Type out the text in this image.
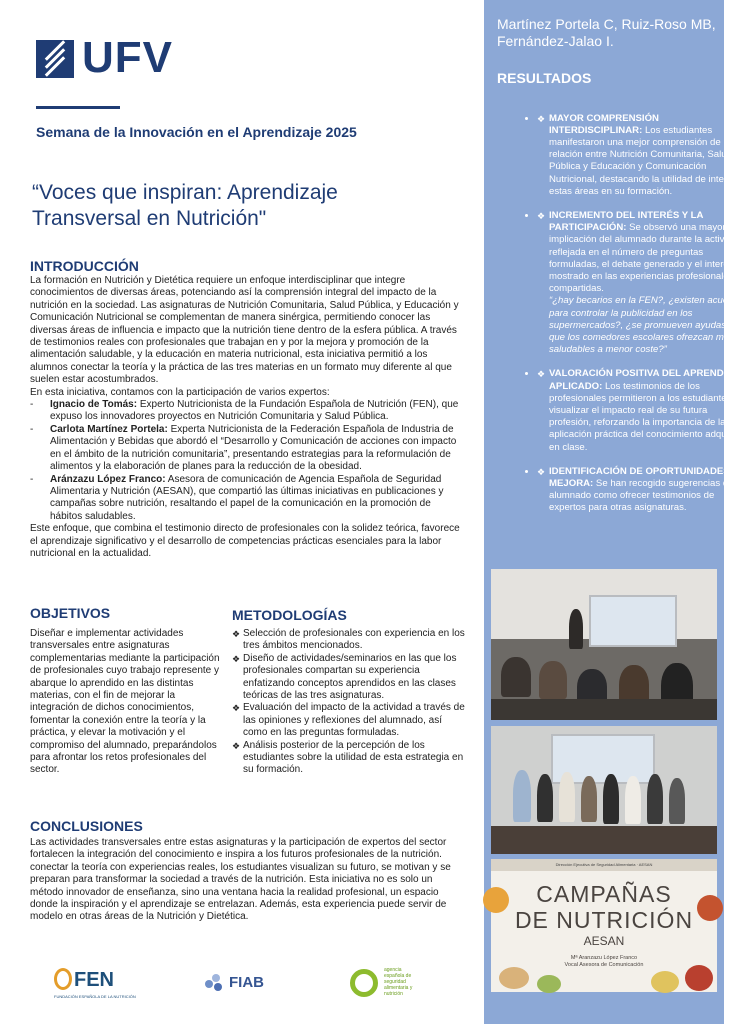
UFV
Semana de la Innovación en el Aprendizaje 2025
“Voces que inspiran: Aprendizaje Transversal en Nutrición"
INTRODUCCIÓN

La formación en Nutrición y Dietética requiere un enfoque interdisciplinar que integre conocimientos de diversas áreas, potenciando así la comprensión integral del impacto de la nutrición en la sociedad. Las asignaturas de Nutrición Comunitaria, Salud Pública, y Educación y Comunicación Nutricional se complementan de manera sinérgica, permitiendo conocer las diversas áreas de influencia e impacto que la nutrición tiene dentro de la esfera pública. A través de testimonios reales con profesionales que trabajan en y por la mejora y promoción de la alimentación saludable, y la educación en materia nutricional, esta iniciativa permitió a los alumnos conectar la teoría y la práctica de las tres materias en un formato muy diferente al que suelen estar acostumbrados.

En esta iniciativa, contamos con la participación de varios expertos:

- Ignacio de Tomás: Experto Nutricionista de la Fundación Española de Nutrición (FEN), que expuso los innovadores proyectos en Nutrición Comunitaria y Salud Pública.
- Carlota Martínez Portela: Experta Nutricionista de la Federación Española de Industria de Alimentación y Bebidas que abordó el “Desarrollo y Comunicación de acciones con impacto en el ámbito de la nutrición comunitaria”, presentando estrategias para la reformulación de alimentos y la elaboración de planes para la reducción de la obesidad.
- Aránzazu López Franco: Asesora de comunicación de Agencia Española de Seguridad Alimentaria y Nutrición (AESAN), que compartió las últimas iniciativas en publicaciones y campañas sobre nutrición, resaltando el papel de la comunicación en la promoción de hábitos saludables.

Este enfoque, que combina el testimonio directo de profesionales con la solidez teórica, favorece el aprendizaje significativo y el desarrollo de competencias prácticas esenciales para la labor nutricional en la actualidad.

OBJETIVOS
Diseñar e implementar actividades transversales entre asignaturas complementarias mediante la participación de profesionales cuyo trabajo represente y abarque lo aprendido en las distintas materias, con el fin de mejorar la integración de dichos conocimientos, fomentar la conexión entre la teoría y la práctica, y elevar la motivación y el compromiso del alumnado, preparándolos para afrontar los retos profesionales del sector.
METODOLOGÍAS
❖ Selección de profesionales con experiencia en los tres ámbitos mencionados.
❖ Diseño de actividades/seminarios en las que los profesionales compartan su experiencia enfatizando conceptos aprendidos en las clases teóricas de las tres asignaturas.
❖ Evaluación del impacto de la actividad a través de las opiniones y reflexiones del alumnado, así como en las preguntas formuladas.
❖ Análisis posterior de la percepción de los estudiantes sobre la utilidad de esta estrategia en su formación.
CONCLUSIONES
Las actividades transversales entre estas asignaturas y la participación de expertos del sector fortalecen la integración del conocimiento e inspira a los futuros profesionales de la nutrición. conectar la teoría con experiencias reales, los estudiantes visualizan su futuro, se motivan y se preparan para transformar la sociedad a través de la nutrición. Esta iniciativa no es solo un método innovador de enseñanza, sino una ventana hacia la realidad profesional, un espacio donde la inspiración y el aprendizaje se entrelazan. Además, esta experiencia puede servir de modelo en otras áreas de la Nutrición y Dietética.
FEN
FUNDACIÓN ESPAÑOLA DE LA NUTRICIÓN
FIAB
agencia
española de
seguridad
alimentaria y
nutrición
Martínez Portela C, Ruiz-Roso MB, Fernández-Jalao I.
RESULTADOS
• ❖ MAYOR COMPRENSIÓN INTERDISCIPLINAR: Los estudiantes manifestaron una mejor comprensión de la relación entre Nutrición Comunitaria, Salud Pública y Educación y Comunicación Nutricional, destacando la utilidad de integrar estas áreas en su formación.
• ❖ INCREMENTO DEL INTERÉS Y LA PARTICIPACIÓN: Se observó una mayor implicación del alumnado durante la actividad, reflejada en el número de preguntas formuladas, el debate generado y el interés mostrado en las experiencias profesionales compartidas.
“¿hay becarios en la FEN?, ¿existen acuerdos para controlar la publicidad en los supermercados?, ¿se promueven ayudas para que los comedores escolares ofrezcan menús saludables a menor coste?”
• ❖ VALORACIÓN POSITIVA DEL APRENDIZAJE APLICADO: Los testimonios de los profesionales permitieron a los estudiantes visualizar el impacto real de su futura profesión, reforzando la importancia de la aplicación práctica del conocimiento adquirido en clase.
• ❖ IDENTIFICACIÓN DE OPORTUNIDADES DE MEJORA: Se han recogido sugerencias del alumnado como ofrecer testimonios de expertos para otras asignaturas.
Dirección Ejecutiva de Seguridad Alimentaria · AESAN
CAMPAÑAS
DE NUTRICIÓN
AESAN
Mª Aranzazu López Franco
Vocal Asesora de Comunicación
